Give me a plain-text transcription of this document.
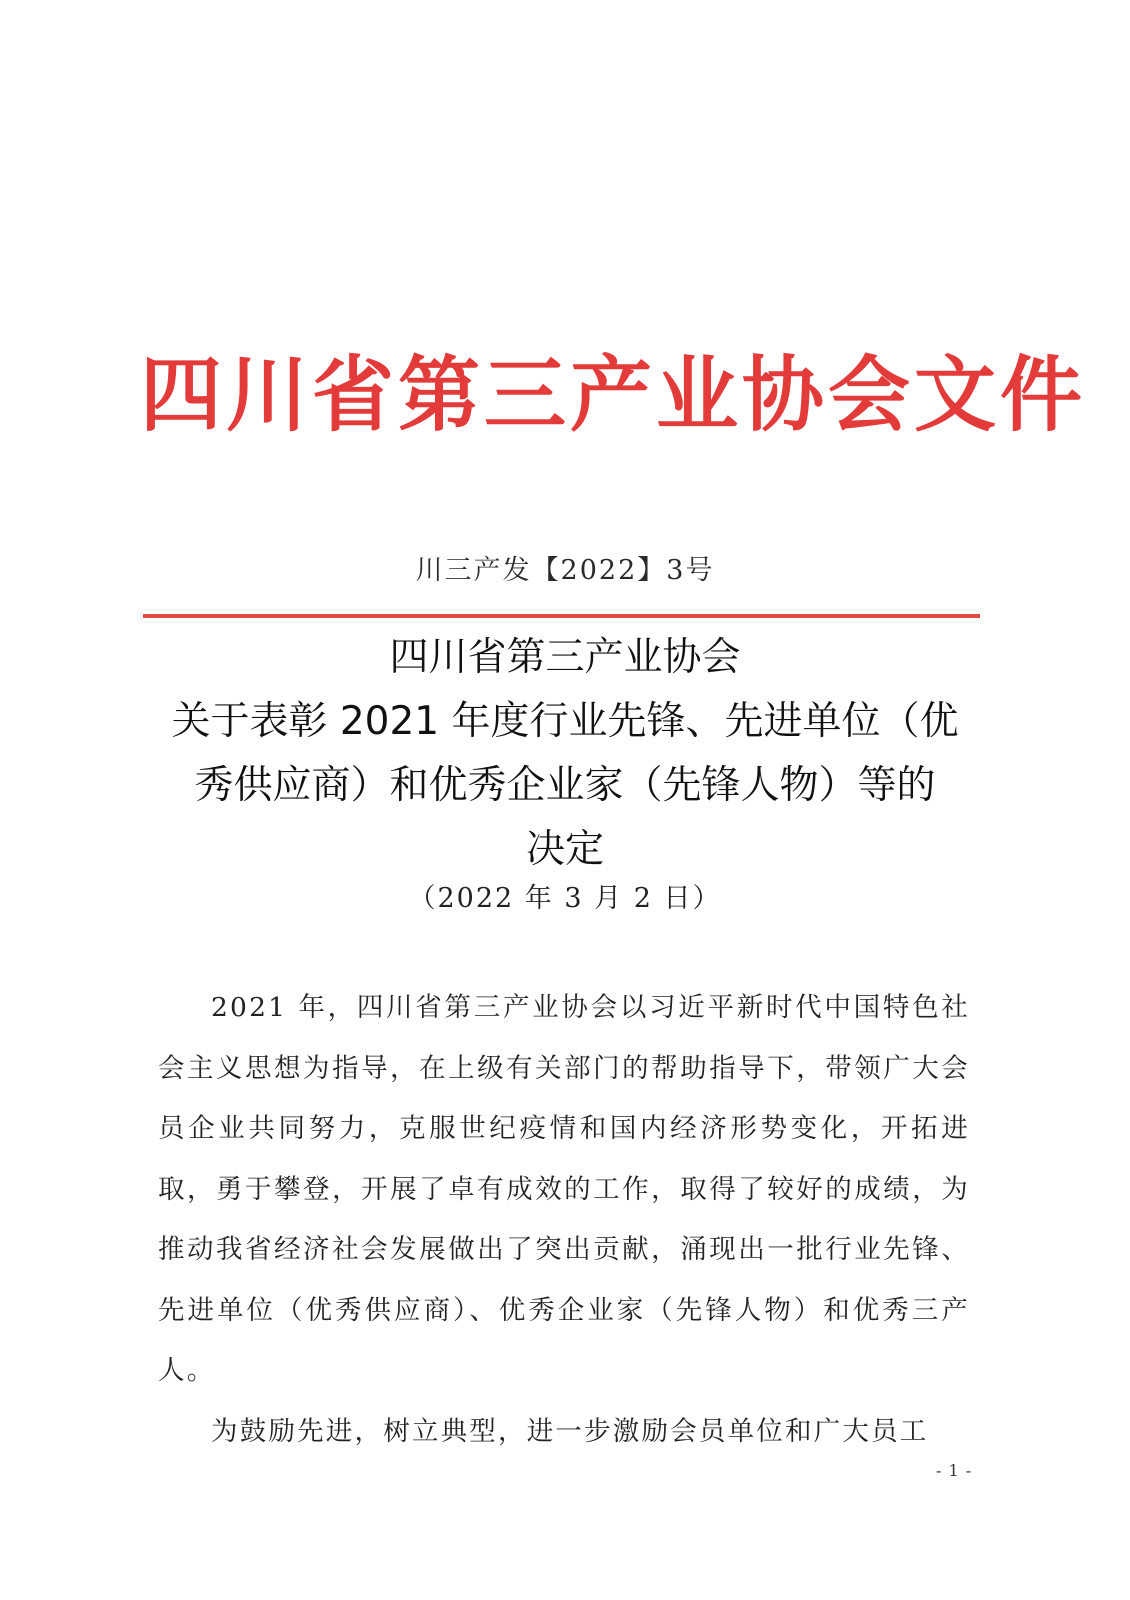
四川省第三产业协会文件
川三产发【2022】3号
四川省第三产业协会
关于表彰 2021 年度行业先锋、先进单位（优
秀供应商）和优秀企业家（先锋人物）等的
决定
（2022 年 3 月 2 日）

2021 年，四川省第三产业协会以习近平新时代中国特色社会主义思想为指导，在上级有关部门的帮助指导下，带领广大会员企业共同努力，克服世纪疫情和国内经济形势变化，开拓进取，勇于攀登，开展了卓有成效的工作，取得了较好的成绩，为推动我省经济社会发展做出了突出贡献，涌现出一批行业先锋、先进单位（优秀供应商）、优秀企业家（先锋人物）和优秀三产人。

为鼓励先进，树立典型，进一步激励会员单位和广大员工

- 1 -
